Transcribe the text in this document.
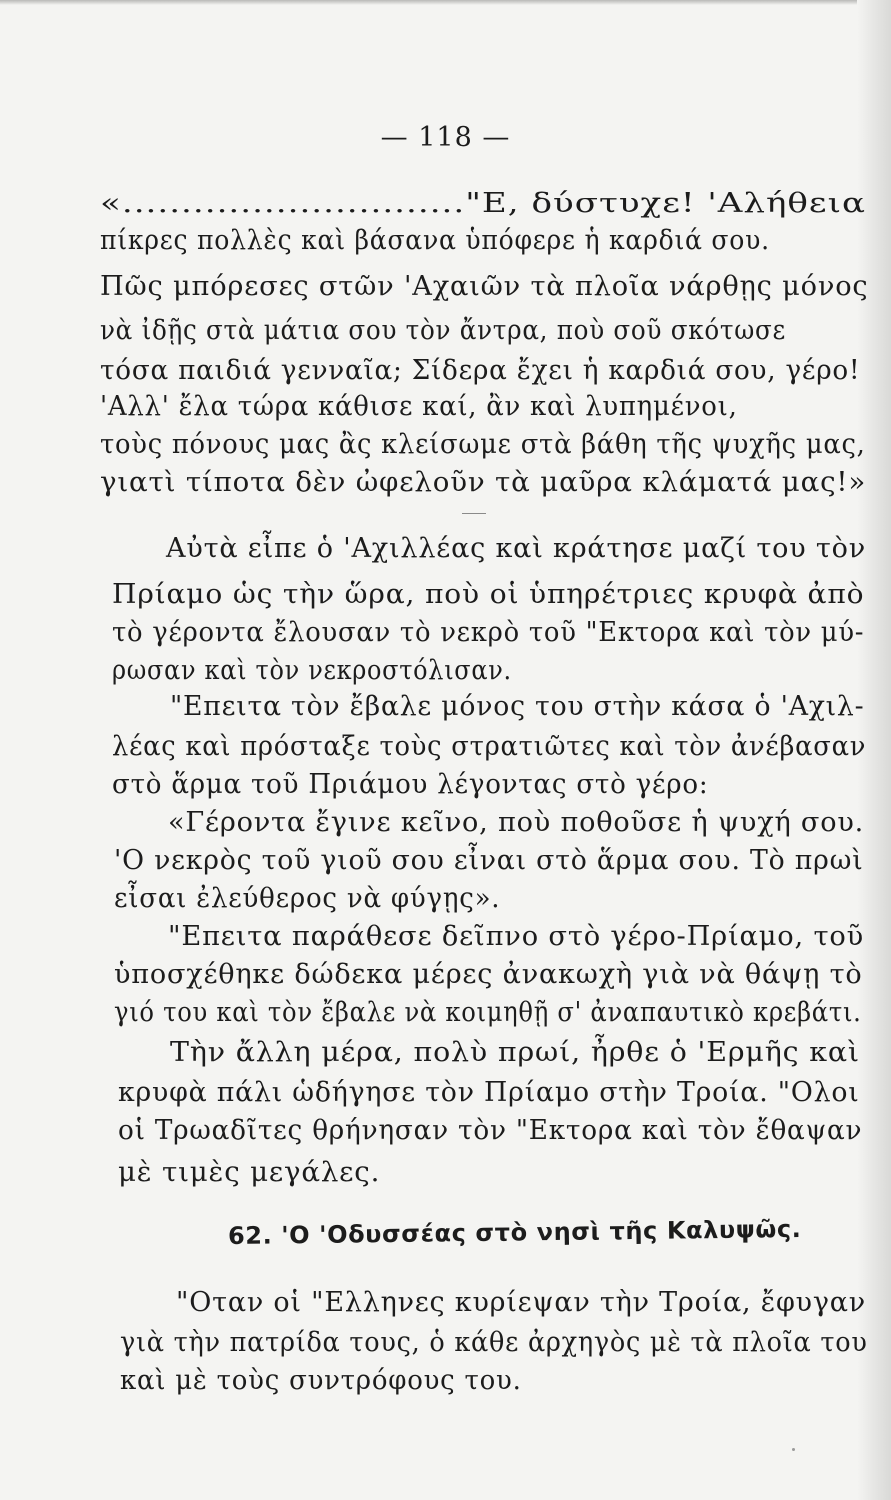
— 118 —
«............................."Ε, δύστυχε! 'Αλήθεια
πίκρες πολλὲς καὶ βάσανα ὑπόφερε ἡ καρδιά σου.
Πῶς μπόρεσες στῶν 'Αχαιῶν τὰ πλοῖα νάρθῃς μόνος
νὰ ἰδῇς στὰ μάτια σου τὸν ἄντρα, ποὺ σοῦ σκότωσε
τόσα παιδιά γενναῖα; Σίδερα ἔχει ἡ καρδιά σου, γέρο!
'Αλλ' ἔλα τώρα κάθισε καί, ἂν καὶ λυπημένοι,
τοὺς πόνους μας ἂς κλείσωμε στὰ βάθη τῆς ψυχῆς μας,
γιατὶ τίποτα δὲν ὠφελοῦν τὰ μαῦρα κλάματά μας!»
Αὐτὰ εἶπε ὁ 'Αχιλλέας καὶ κράτησε μαζί του τὸν
Πρίαμο ὡς τὴν ὥρα, ποὺ οἱ ὑπηρέτριες κρυφὰ ἀπὸ
τὸ γέροντα ἔλουσαν τὸ νεκρὸ τοῦ "Εκτορα καὶ τὸν μύ-
ρωσαν καὶ τὸν νεκροστόλισαν.
"Επειτα τὸν ἔβαλε μόνος του στὴν κάσα ὁ 'Αχιλ-
λέας καὶ πρόσταξε τοὺς στρατιῶτες καὶ τὸν ἀνέβασαν
στὸ ἅρμα τοῦ Πριάμου λέγοντας στὸ γέρο:
«Γέροντα ἔγινε κεῖνο, ποὺ ποθοῦσε ἡ ψυχή σου.
'Ο νεκρὸς τοῦ γιοῦ σου εἶναι στὸ ἅρμα σου. Τὸ πρωὶ
εἶσαι ἐλεύθερος νὰ φύγῃς».
"Επειτα παράθεσε δεῖπνο στὸ γέρο-Πρίαμο, τοῦ
ὑποσχέθηκε δώδεκα μέρες ἀνακωχὴ γιὰ νὰ θάψῃ τὸ
γιό του καὶ τὸν ἔβαλε νὰ κοιμηθῇ σ' ἀναπαυτικὸ κρεβάτι.
Τὴν ἄλλη μέρα, πολὺ πρωί, ἦρθε ὁ 'Ερμῆς καὶ
κρυφὰ πάλι ὡδήγησε τὸν Πρίαμο στὴν Τροία. "Ολοι
οἱ Τρωαδῖτες θρήνησαν τὸν "Εκτορα καὶ τὸν ἔθαψαν
μὲ τιμὲς μεγάλες.
62. 'Ο 'Οδυσσέας στὸ νησὶ τῆς Καλυψῶς.
"Οταν οἱ "Ελληνες κυρίεψαν τὴν Τροία, ἔφυγαν
γιὰ τὴν πατρίδα τους, ὁ κάθε ἀρχηγὸς μὲ τὰ πλοῖα του
καὶ μὲ τοὺς συντρόφους του.
